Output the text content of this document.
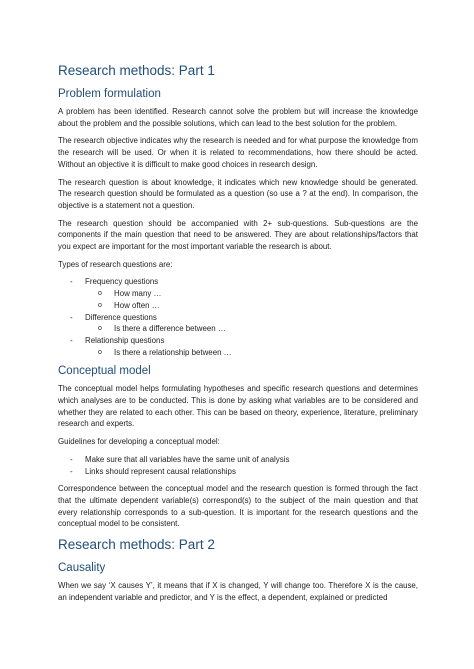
Research methods: Part 1
Problem formulation

A problem has been identified. Research cannot solve the problem but will increase the knowledge about the problem and the possible solutions, which can lead to the best solution for the problem.

The research objective indicates why the research is needed and for what purpose the knowledge from the research will be used. Or when it is related to recommendations, how there should be acted. Without an objective it is difficult to make good choices in research design.

The research question is about knowledge, it indicates which new knowledge should be generated. The research question should be formulated as a question (so use a ? at the end). In comparison, the objective is a statement not a question.

The research question should be accompanied with 2+ sub-questions. Sub-questions are the components if the main question that need to be answered. They are about relationships/factors that you expect are important for the most important variable the research is about.

Types of research questions are:

- Frequency questions
o How many …
o How often …
- Difference questions
o Is there a difference between …
- Relationship questions
o Is there a relationship between …
Conceptual model

The conceptual model helps formulating hypotheses and specific research questions and determines which analyses are to be conducted. This is done by asking what variables are to be considered and whether they are related to each other. This can be based on theory, experience, literature, preliminary research and experts.

Guidelines for developing a conceptual model:

- Make sure that all variables have the same unit of analysis
- Links should represent causal relationships

Correspondence between the conceptual model and the research question is formed through the fact that the ultimate dependent variable(s) correspond(s) to the subject of the main question and that every relationship corresponds to a sub-question. It is important for the research questions and the conceptual model to be consistent.

Research methods: Part 2
Causality

When we say ‘X causes Y’, it means that if X is changed, Y will change too. Therefore X is the cause, an independent variable and predictor, and Y is the effect, a dependent, explained or predicted
